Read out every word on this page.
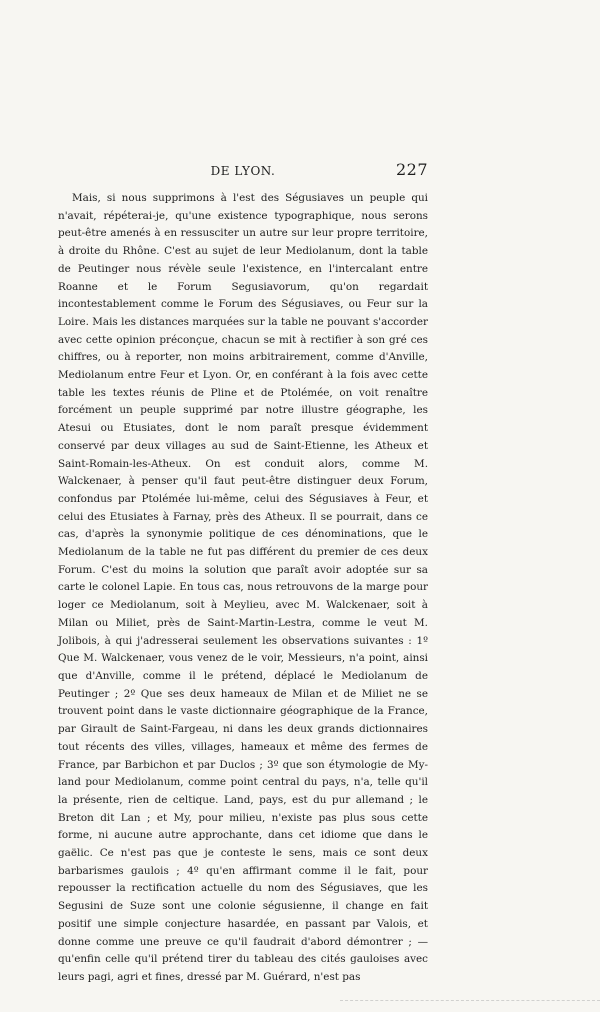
DE LYON.	227

Mais, si nous supprimons à l'est des Ségusiaves un peuple qui n'avait, répéterai-je, qu'une existence typographique, nous serons peut-être amenés à en ressusciter un autre sur leur propre territoire, à droite du Rhône. C'est au sujet de leur Mediolanum, dont la table de Peutinger nous révèle seule l'existence, en l'intercalant entre Roanne et le Forum Segusiavorum, qu'on regardait incontestablement comme le Forum des Ségusiaves, ou Feur sur la Loire. Mais les distances marquées sur la table ne pouvant s'accorder avec cette opinion préconçue, chacun se mit à rectifier à son gré ces chiffres, ou à reporter, non moins arbitrairement, comme d'Anville, Mediolanum entre Feur et Lyon. Or, en conférant à la fois avec cette table les textes réunis de Pline et de Ptolémée, on voit renaître forcément un peuple supprimé par notre illustre géographe, les Atesui ou Etusiates, dont le nom paraît presque évidemment conservé par deux villages au sud de Saint-Etienne, les Atheux et Saint-Romain-les-Atheux. On est conduit alors, comme M. Walckenaer, à penser qu'il faut peut-être distinguer deux Forum, confondus par Ptolémée lui-même, celui des Ségusiaves à Feur, et celui des Etusiates à Farnay, près des Atheux. Il se pourrait, dans ce cas, d'après la synonymie politique de ces dénominations, que le Mediolanum de la table ne fut pas différent du premier de ces deux Forum. C'est du moins la solution que paraît avoir adoptée sur sa carte le colonel Lapie. En tous cas, nous retrouvons de la marge pour loger ce Mediolanum, soit à Meylieu, avec M. Walckenaer, soit à Milan ou Miliet, près de Saint-Martin-Lestra, comme le veut M. Jolibois, à qui j'adresserai seulement les observations suivantes : 1º Que M. Walckenaer, vous venez de le voir, Messieurs, n'a point, ainsi que d'Anville, comme il le prétend, déplacé le Mediolanum de Peutinger ; 2º Que ses deux hameaux de Milan et de Miliet ne se trouvent point dans le vaste dictionnaire géographique de la France, par Girault de Saint-Fargeau, ni dans les deux grands dictionnaires tout récents des villes, villages, hameaux et même des fermes de France, par Barbichon et par Duclos ; 3º que son étymologie de My-land pour Mediolanum, comme point central du pays, n'a, telle qu'il la présente, rien de celtique. Land, pays, est du pur allemand ; le Breton dit Lan ; et My, pour milieu, n'existe pas plus sous cette forme, ni aucune autre approchante, dans cet idiome que dans le gaëlic. Ce n'est pas que je conteste le sens, mais ce sont deux barbarismes gaulois ; 4º qu'en affirmant comme il le fait, pour repousser la rectification actuelle du nom des Ségusiaves, que les Segusini de Suze sont une colonie ségusienne, il change en fait positif une simple conjecture hasardée, en passant par Valois, et donne comme une preuve ce qu'il faudrait d'abord démontrer ; — qu'enfin celle qu'il prétend tirer du tableau des cités gauloises avec leurs pagi, agri et fines, dressé par M. Guérard, n'est pas
